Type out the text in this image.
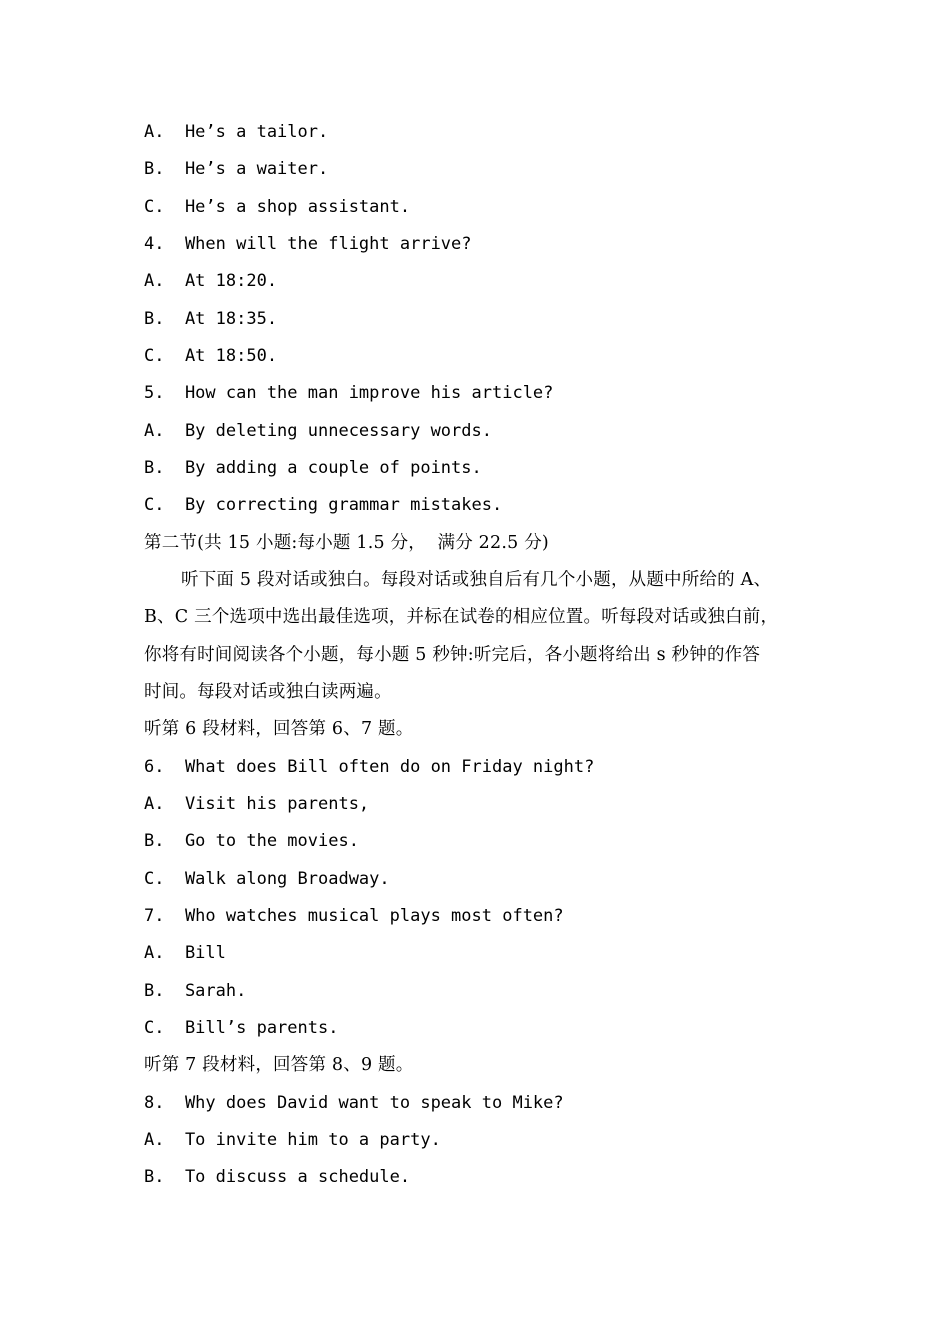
A.  He’s a tailor.
B.  He’s a waiter.
C.  He’s a shop assistant.
4.  When will the flight arrive?
A.  At 18:20.
B.  At 18:35.
C.  At 18:50.
5.  How can the man improve his article?
A.  By deleting unnecessary words.
B.  By adding a couple of points.
C.  By correcting grammar mistakes.
第二节(共 15 小题:每小题 1.5 分，  满分 22.5 分)
听下面 5 段对话或独白。每段对话或独自后有几个小题，从题中所给的 A、
B、C 三个选项中选出最佳选项，并标在试卷的相应位置。听每段对话或独白前，
你将有时间阅读各个小题，每小题 5 秒钟:听完后，各小题将给出 s 秒钟的作答
时间。每段对话或独白读两遍。
听第 6 段材料，回答第 6、7 题。
6.  What does Bill often do on Friday night?
A.  Visit his parents,
B.  Go to the movies.
C.  Walk along Broadway.
7.  Who watches musical plays most often?
A.  Bill
B.  Sarah.
C.  Bill’s parents.
听第 7 段材料，回答第 8、9 题。
8.  Why does David want to speak to Mike?
A.  To invite him to a party.
B.  To discuss a schedule.
